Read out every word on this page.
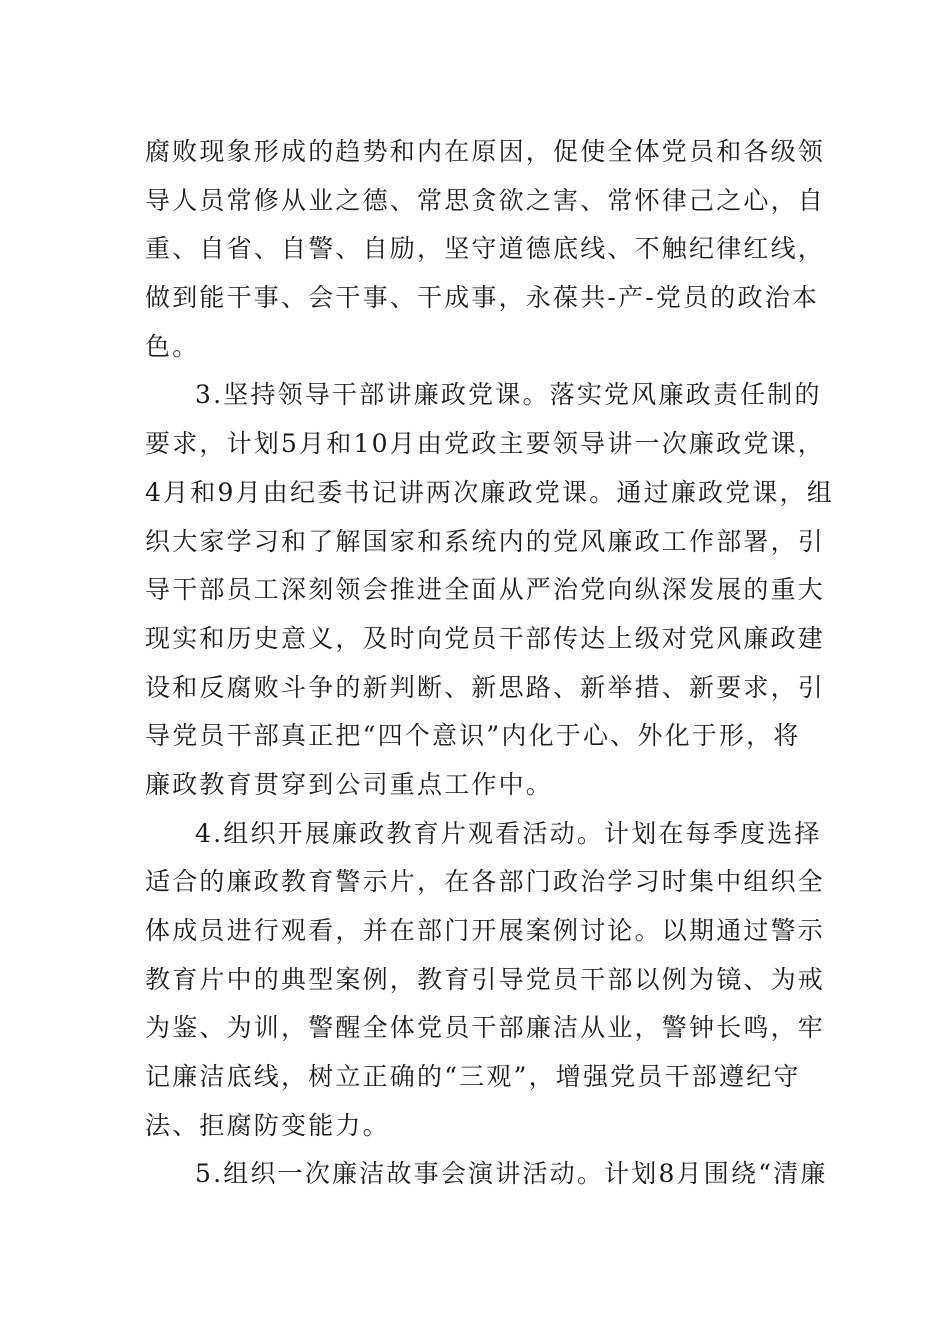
腐败现象形成的趋势和内在原因，促使全体党员和各级领
导人员常修从业之德、常思贪欲之害、常怀律己之心，自
重、自省、自警、自励，坚守道德底线、不触纪律红线，
做到能干事、会干事、干成事，永葆共-产-党员的政治本
色。
3.坚持领导干部讲廉政党课。落实党风廉政责任制的
要求，计划5月和10月由党政主要领导讲一次廉政党课，
4月和9月由纪委书记讲两次廉政党课。通过廉政党课，组
织大家学习和了解国家和系统内的党风廉政工作部署，引
导干部员工深刻领会推进全面从严治党向纵深发展的重大
现实和历史意义，及时向党员干部传达上级对党风廉政建
设和反腐败斗争的新判断、新思路、新举措、新要求，引
导党员干部真正把“四个意识”内化于心、外化于形，将
廉政教育贯穿到公司重点工作中。
4.组织开展廉政教育片观看活动。计划在每季度选择
适合的廉政教育警示片，在各部门政治学习时集中组织全
体成员进行观看，并在部门开展案例讨论。以期通过警示
教育片中的典型案例，教育引导党员干部以例为镜、为戒
为鉴、为训，警醒全体党员干部廉洁从业，警钟长鸣，牢
记廉洁底线，树立正确的“三观”，增强党员干部遵纪守
法、拒腐防变能力。
5.组织一次廉洁故事会演讲活动。计划8月围绕“清廉
